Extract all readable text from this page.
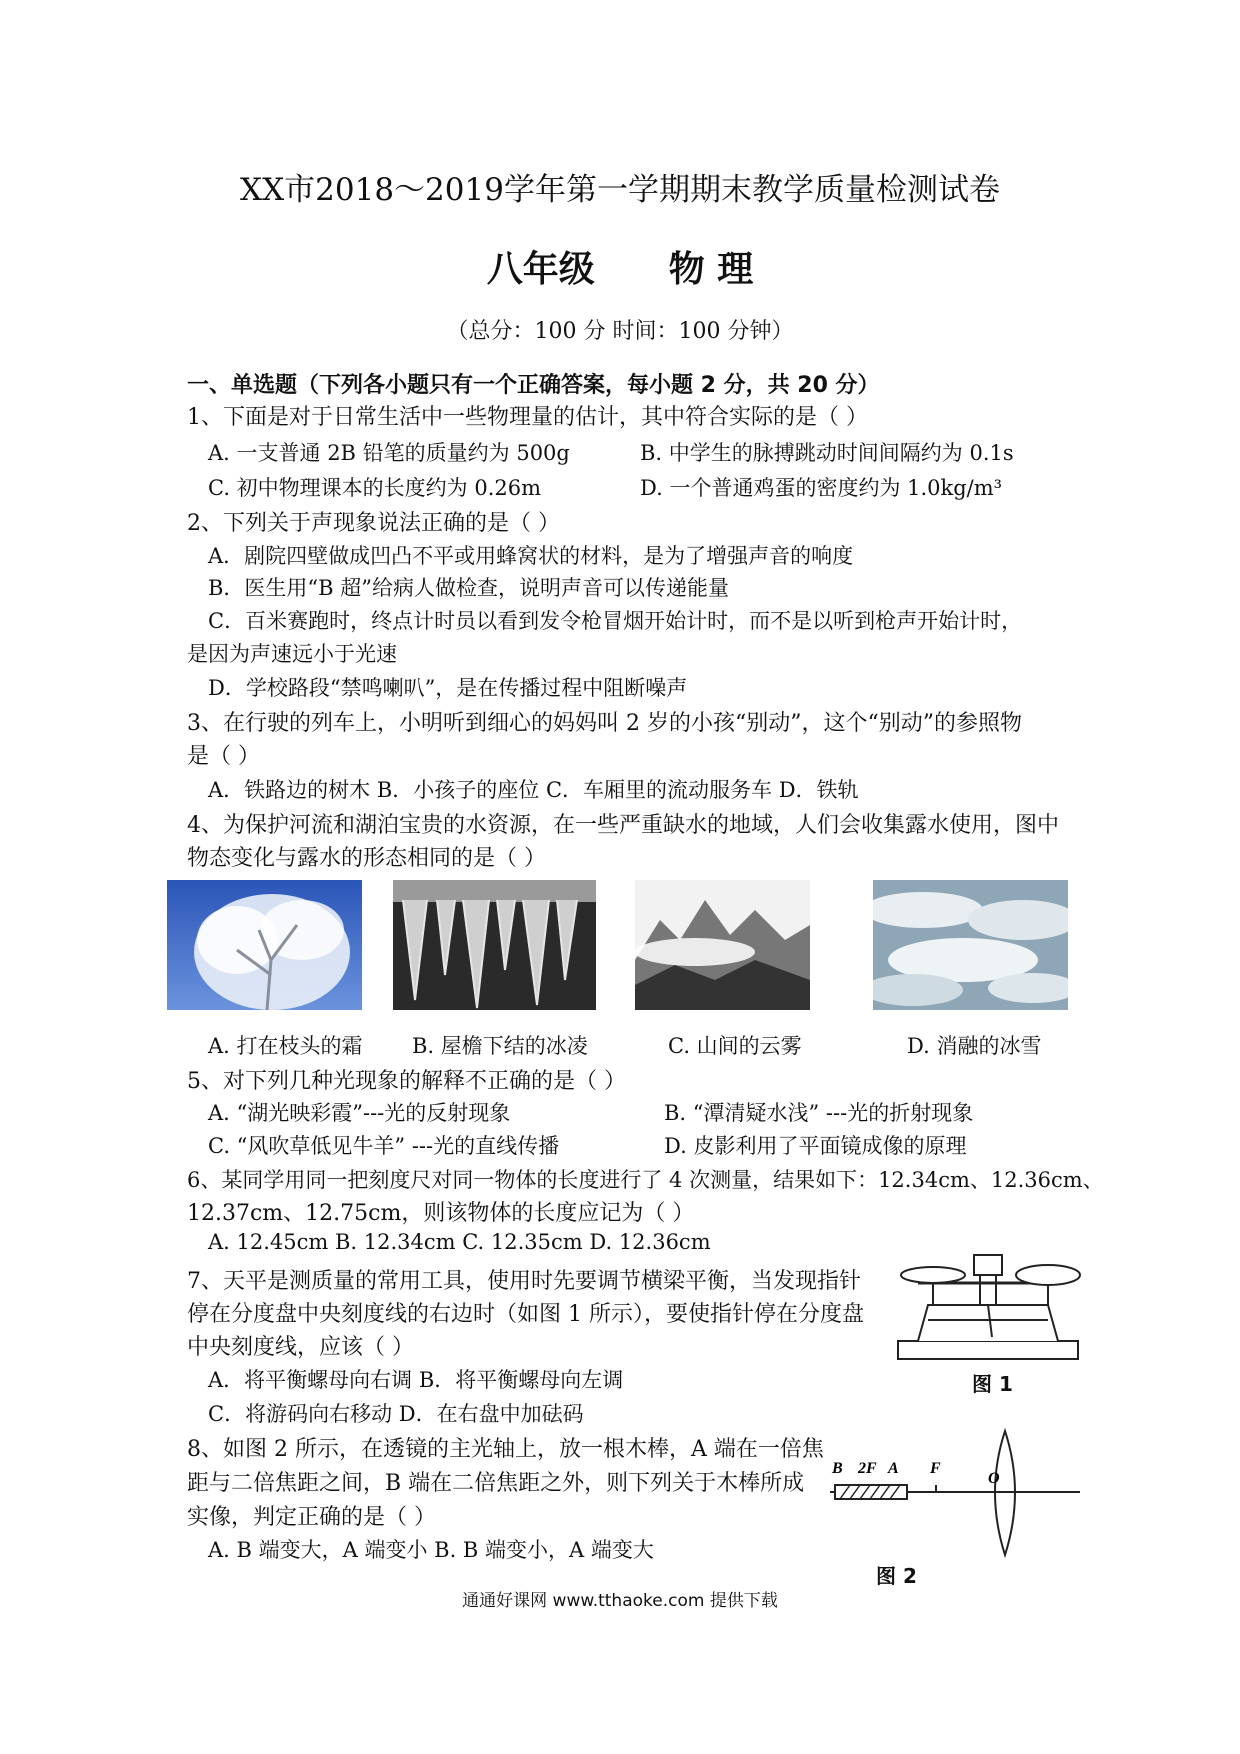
XX市2018～2019学年第一学期期末教学质量检测试卷
八年级 物 理
（总分：100 分 时间：100 分钟）
一、单选题（下列各小题只有一个正确答案，每小题 2 分，共 20 分）
1、下面是对于日常生活中一些物理量的估计，其中符合实际的是（ ）
A. 一支普通 2B 铅笔的质量约为 500g	B. 中学生的脉搏跳动时间间隔约为 0.1s
C. 初中物理课本的长度约为 0.26m	D. 一个普通鸡蛋的密度约为 1.0kg/m³
2、下列关于声现象说法正确的是（ ）
A．剧院四壁做成凹凸不平或用蜂窝状的材料，是为了增强声音的响度
B．医生用“B 超”给病人做检查，说明声音可以传递能量
C．百米赛跑时，终点计时员以看到发令枪冒烟开始计时，而不是以听到枪声开始计时，
是因为声速远小于光速
D．学校路段“禁鸣喇叭”，是在传播过程中阻断噪声
3、在行驶的列车上，小明听到细心的妈妈叫 2 岁的小孩“别动”，这个“别动”的参照物
是（ ）
A．铁路边的树木 B．小孩子的座位 C．车厢里的流动服务车 D．铁轨
4、为保护河流和湖泊宝贵的水资源，在一些严重缺水的地域，人们会收集露水使用，图中
物态变化与露水的形态相同的是（ ）
A. 打在枝头的霜 B. 屋檐下结的冰凌	C. 山间的云雾	D. 消融的冰雪
5、对下列几种光现象的解释不正确的是（ ）
A. “湖光映彩霞”---光的反射现象	B. “潭清疑水浅” ---光的折射现象
C. “风吹草低见牛羊” ---光的直线传播	D. 皮影利用了平面镜成像的原理
6、某同学用同一把刻度尺对同一物体的长度进行了 4 次测量，结果如下：12.34cm、12.36cm、
12.37cm、12.75cm，则该物体的长度应记为（ ）
A. 12.45cm B. 12.34cm C. 12.35cm D. 12.36cm
7、天平是测质量的常用工具，使用时先要调节横梁平衡，当发现指针
停在分度盘中央刻度线的右边时（如图 1 所示），要使指针停在分度盘
中央刻度线，应该（ ）
A．将平衡螺母向右调 B．将平衡螺母向左调
C．将游码向右移动 D．在右盘中加砝码
图 1
8、如图 2 所示，在透镜的主光轴上，放一根木棒，A 端在一倍焦
距与二倍焦距之间，B 端在二倍焦距之外，则下列关于木棒所成
实像，判定正确的是（ ）
A. B 端变大，A 端变小 B. B 端变小，A 端变大
B 2F A F
O
图 2
通通好课网 www.tthaoke.com 提供下载
